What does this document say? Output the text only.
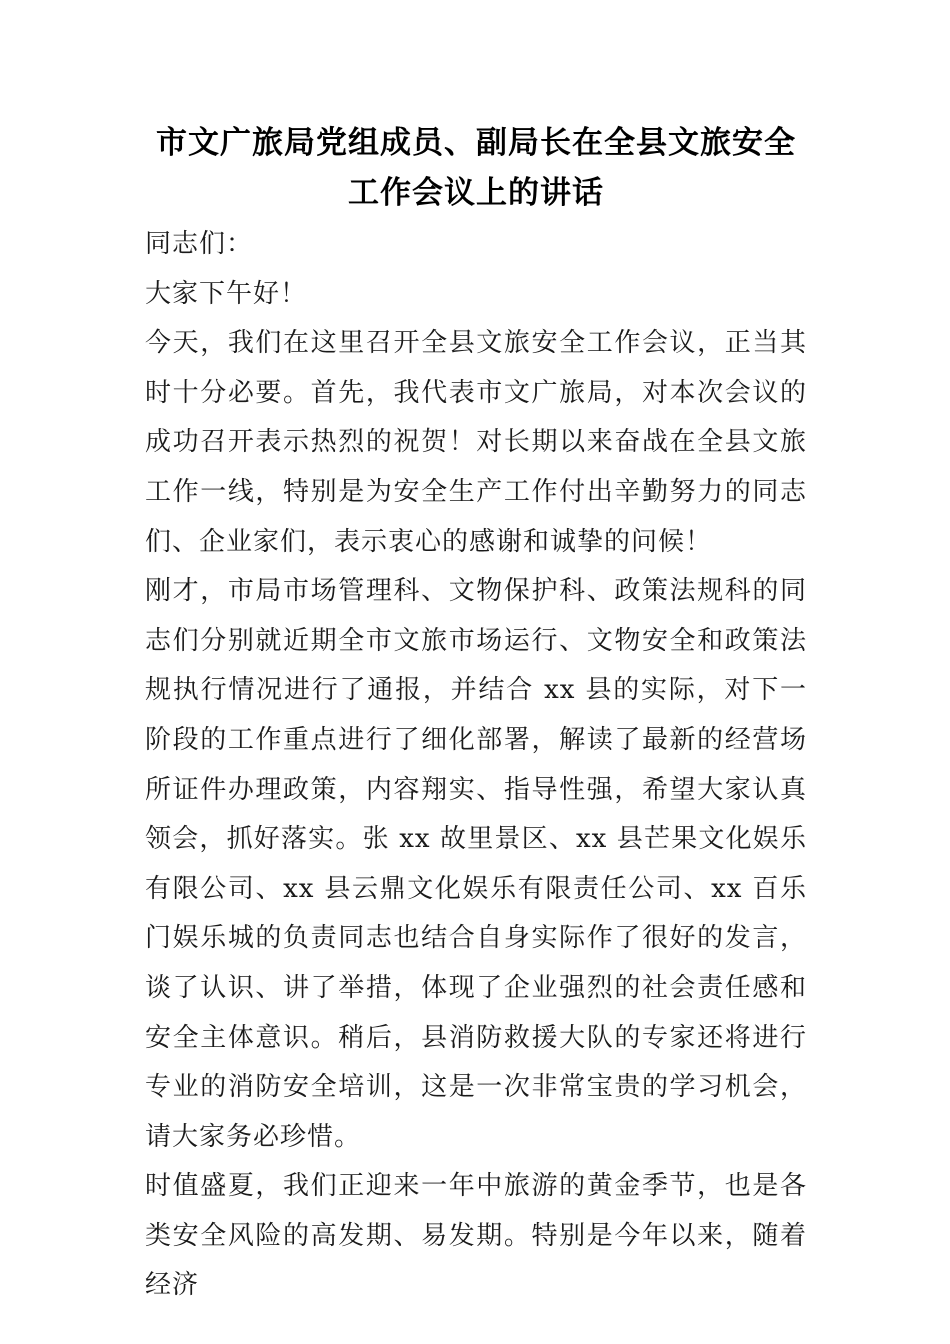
市文广旅局党组成员、副局长在全县文旅安全工作会议上的讲话

同志们：

大家下午好！

今天，我们在这里召开全县文旅安全工作会议，正当其时十分必要。首先，我代表市文广旅局，对本次会议的成功召开表示热烈的祝贺！对长期以来奋战在全县文旅工作一线，特别是为安全生产工作付出辛勤努力的同志们、企业家们，表示衷心的感谢和诚挚的问候！

刚才，市局市场管理科、文物保护科、政策法规科的同志们分别就近期全市文旅市场运行、文物安全和政策法规执行情况进行了通报，并结合 xx 县的实际，对下一阶段的工作重点进行了细化部署，解读了最新的经营场所证件办理政策，内容翔实、指导性强，希望大家认真领会，抓好落实。张 xx 故里景区、xx 县芒果文化娱乐有限公司、xx 县云鼎文化娱乐有限责任公司、xx 百乐门娱乐城的负责同志也结合自身实际作了很好的发言，谈了认识、讲了举措，体现了企业强烈的社会责任感和安全主体意识。稍后，县消防救援大队的专家还将进行专业的消防安全培训，这是一次非常宝贵的学习机会，请大家务必珍惜。

时值盛夏，我们正迎来一年中旅游的黄金季节，也是各类安全风险的高发期、易发期。特别是今年以来，随着经济
